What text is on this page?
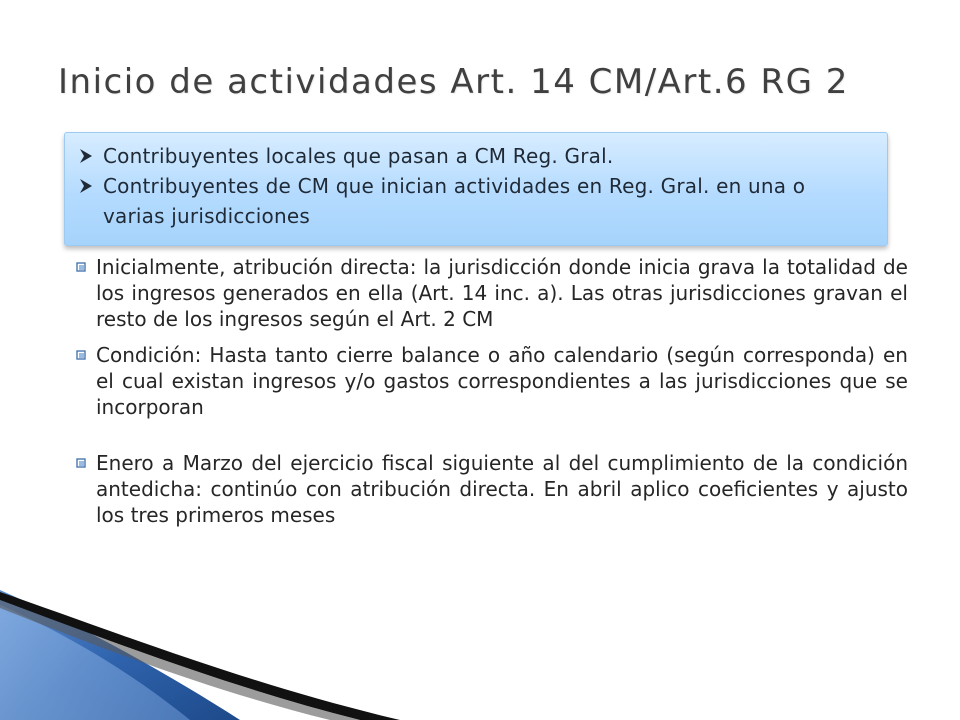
Inicio de actividades Art. 14 CM/Art.6 RG 2
Contribuyentes locales que pasan a CM Reg. Gral.
Contribuyentes de CM que inician actividades en Reg. Gral. en una o varias jurisdicciones
Inicialmente, atribución directa: la jurisdicción donde inicia grava la totalidad de los ingresos generados en ella (Art. 14 inc. a). Las otras jurisdicciones gravan el resto de los ingresos según el Art. 2 CM
Condición: Hasta tanto cierre balance o año calendario (según corresponda) en el cual existan ingresos y/o gastos correspondientes a las jurisdicciones que se incorporan
Enero a Marzo del ejercicio fiscal siguiente al del cumplimiento de la condición antedicha: continúo con atribución directa. En abril aplico coeficientes y ajusto los tres primeros meses
